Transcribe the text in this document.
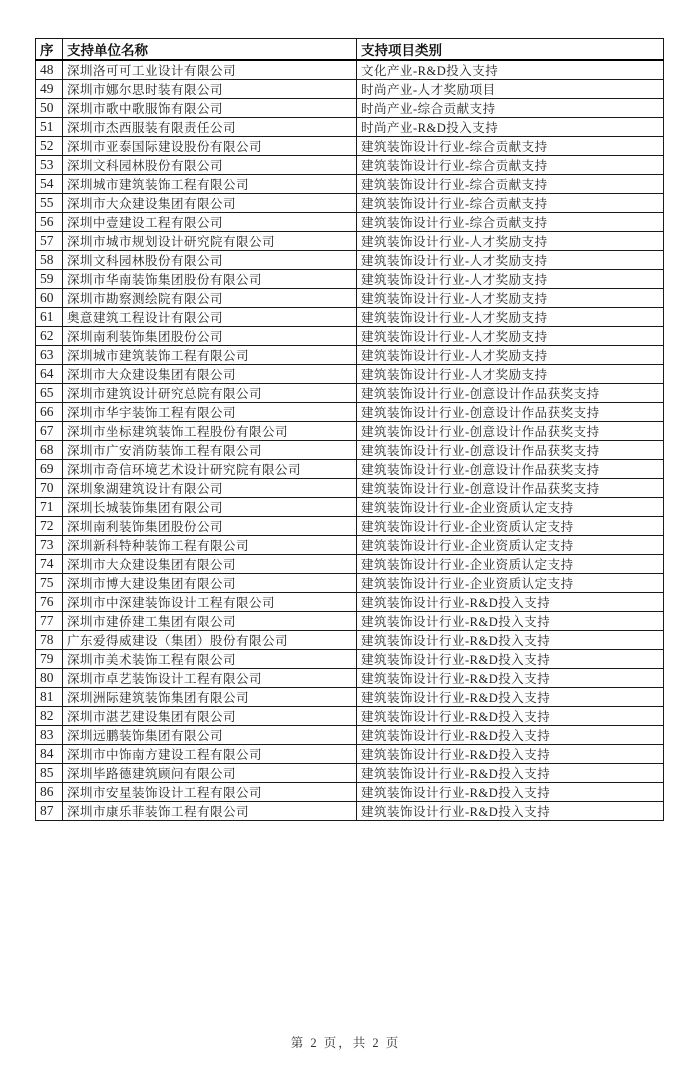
序	支持单位名称	支持项目类别
48	深圳洛可可工业设计有限公司	文化产业-R&D投入支持
49	深圳市娜尔思时装有限公司	时尚产业-人才奖励项目
50	深圳市歌中歌服饰有限公司	时尚产业-综合贡献支持
51	深圳市杰西服装有限责任公司	时尚产业-R&D投入支持
52	深圳市亚泰国际建设股份有限公司	建筑装饰设计行业-综合贡献支持
53	深圳文科园林股份有限公司	建筑装饰设计行业-综合贡献支持
54	深圳城市建筑装饰工程有限公司	建筑装饰设计行业-综合贡献支持
55	深圳市大众建设集团有限公司	建筑装饰设计行业-综合贡献支持
56	深圳中壹建设工程有限公司	建筑装饰设计行业-综合贡献支持
57	深圳市城市规划设计研究院有限公司	建筑装饰设计行业-人才奖励支持
58	深圳文科园林股份有限公司	建筑装饰设计行业-人才奖励支持
59	深圳市华南装饰集团股份有限公司	建筑装饰设计行业-人才奖励支持
60	深圳市勘察测绘院有限公司	建筑装饰设计行业-人才奖励支持
61	奥意建筑工程设计有限公司	建筑装饰设计行业-人才奖励支持
62	深圳南利装饰集团股份公司	建筑装饰设计行业-人才奖励支持
63	深圳城市建筑装饰工程有限公司	建筑装饰设计行业-人才奖励支持
64	深圳市大众建设集团有限公司	建筑装饰设计行业-人才奖励支持
65	深圳市建筑设计研究总院有限公司	建筑装饰设计行业-创意设计作品获奖支持
66	深圳市华宇装饰工程有限公司	建筑装饰设计行业-创意设计作品获奖支持
67	深圳市坐标建筑装饰工程股份有限公司	建筑装饰设计行业-创意设计作品获奖支持
68	深圳市广安消防装饰工程有限公司	建筑装饰设计行业-创意设计作品获奖支持
69	深圳市奇信环境艺术设计研究院有限公司	建筑装饰设计行业-创意设计作品获奖支持
70	深圳象湖建筑设计有限公司	建筑装饰设计行业-创意设计作品获奖支持
71	深圳长城装饰集团有限公司	建筑装饰设计行业-企业资质认定支持
72	深圳南利装饰集团股份公司	建筑装饰设计行业-企业资质认定支持
73	深圳新科特种装饰工程有限公司	建筑装饰设计行业-企业资质认定支持
74	深圳市大众建设集团有限公司	建筑装饰设计行业-企业资质认定支持
75	深圳市博大建设集团有限公司	建筑装饰设计行业-企业资质认定支持
76	深圳市中深建装饰设计工程有限公司	建筑装饰设计行业-R&D投入支持
77	深圳市建侨建工集团有限公司	建筑装饰设计行业-R&D投入支持
78	广东爱得威建设（集团）股份有限公司	建筑装饰设计行业-R&D投入支持
79	深圳市美术装饰工程有限公司	建筑装饰设计行业-R&D投入支持
80	深圳市卓艺装饰设计工程有限公司	建筑装饰设计行业-R&D投入支持
81	深圳洲际建筑装饰集团有限公司	建筑装饰设计行业-R&D投入支持
82	深圳市湛艺建设集团有限公司	建筑装饰设计行业-R&D投入支持
83	深圳远鹏装饰集团有限公司	建筑装饰设计行业-R&D投入支持
84	深圳市中饰南方建设工程有限公司	建筑装饰设计行业-R&D投入支持
85	深圳毕路德建筑顾问有限公司	建筑装饰设计行业-R&D投入支持
86	深圳市安星装饰设计工程有限公司	建筑装饰设计行业-R&D投入支持
87	深圳市康乐菲装饰工程有限公司	建筑装饰设计行业-R&D投入支持
第 2 页，共 2 页
